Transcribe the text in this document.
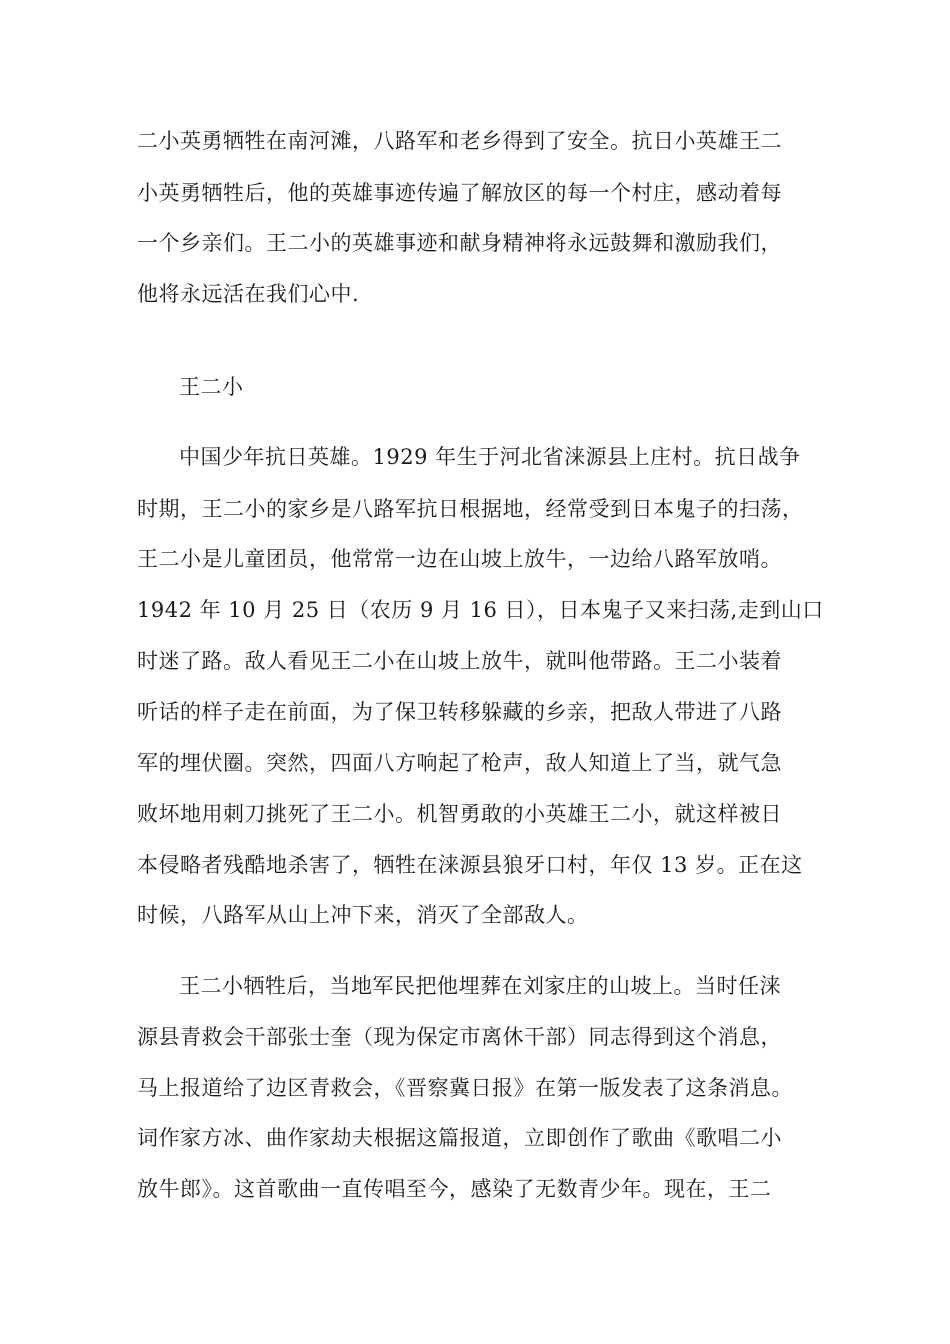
二小英勇牺牲在南河滩，八路军和老乡得到了安全。抗日小英雄王二
小英勇牺牲后，他的英雄事迹传遍了解放区的每一个村庄，感动着每
一个乡亲们。王二小的英雄事迹和献身精神将永远鼓舞和激励我们，
他将永远活在我们心中.
王二小
中国少年抗日英雄。1929 年生于河北省涞源县上庄村。抗日战争
时期，王二小的家乡是八路军抗日根据地，经常受到日本鬼子的扫荡，
王二小是儿童团员，他常常一边在山坡上放牛，一边给八路军放哨。
1942 年 10 月 25 日（农历 9 月 16 日），日本鬼子又来扫荡,走到山口
时迷了路。敌人看见王二小在山坡上放牛，就叫他带路。王二小装着
听话的样子走在前面，为了保卫转移躲藏的乡亲，把敌人带进了八路
军的埋伏圈。突然，四面八方响起了枪声，敌人知道上了当，就气急
败坏地用刺刀挑死了王二小。机智勇敢的小英雄王二小，就这样被日
本侵略者残酷地杀害了，牺牲在涞源县狼牙口村，年仅 13 岁。正在这
时候，八路军从山上冲下来，消灭了全部敌人。
王二小牺牲后，当地军民把他埋葬在刘家庄的山坡上。当时任涞
源县青救会干部张士奎（现为保定市离休干部）同志得到这个消息，
马上报道给了边区青救会，《晋察冀日报》在第一版发表了这条消息。
词作家方冰、曲作家劫夫根据这篇报道，立即创作了歌曲《歌唱二小
放牛郎》。这首歌曲一直传唱至今，感染了无数青少年。现在，王二
